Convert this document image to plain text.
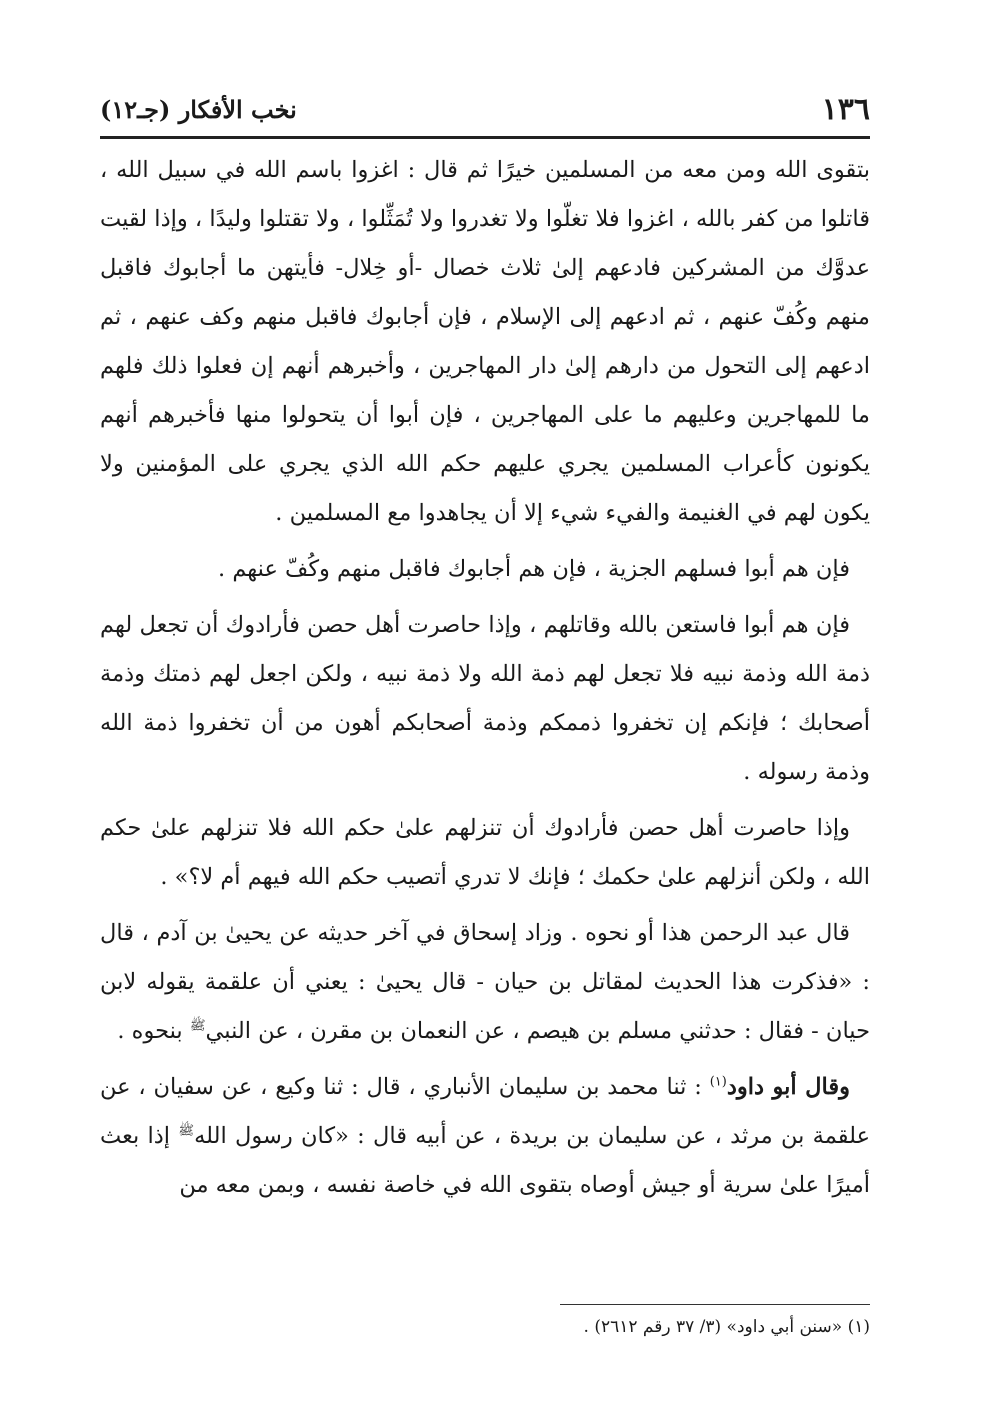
١٣٦
نخب الأفكار (جـ١٢)

بتقوى الله ومن معه من المسلمين خيرًا ثم قال : اغزوا باسم الله في سبيل الله ، قاتلوا من كفر بالله ، اغزوا فلا تغلّوا ولا تغدروا ولا تُمَثِّلوا ، ولا تقتلوا وليدًا ، وإذا لقيت عدوَّك من المشركين فادعهم إلىٰ ثلاث خصال -أو خِلال- فأيتهن ما أجابوك فاقبل منهم وكُفّ عنهم ، ثم ادعهم إلى الإسلام ، فإن أجابوك فاقبل منهم وكف عنهم ، ثم ادعهم إلى التحول من دارهم إلىٰ دار المهاجرين ، وأخبرهم أنهم إن فعلوا ذلك فلهم ما للمهاجرين وعليهم ما على المهاجرين ، فإن أبوا أن يتحولوا منها فأخبرهم أنهم يكونون كأعراب المسلمين يجري عليهم حكم الله الذي يجري على المؤمنين ولا يكون لهم في الغنيمة والفيء شيء إلا أن يجاهدوا مع المسلمين .

فإن هم أبوا فسلهم الجزية ، فإن هم أجابوك فاقبل منهم وكُفّ عنهم .

فإن هم أبوا فاستعن بالله وقاتلهم ، وإذا حاصرت أهل حصن فأرادوك أن تجعل لهم ذمة الله وذمة نبيه فلا تجعل لهم ذمة الله ولا ذمة نبيه ، ولكن اجعل لهم ذمتك وذمة أصحابك ؛ فإنكم إن تخفروا ذممكم وذمة أصحابكم أهون من أن تخفروا ذمة الله وذمة رسوله .

وإذا حاصرت أهل حصن فأرادوك أن تنزلهم علىٰ حكم الله فلا تنزلهم علىٰ حكم الله ، ولكن أنزلهم علىٰ حكمك ؛ فإنك لا تدري أتصيب حكم الله فيهم أم لا؟» .

قال عبد الرحمن هذا أو نحوه . وزاد إسحاق في آخر حديثه عن يحيىٰ بن آدم ، قال : «فذكرت هذا الحديث لمقاتل بن حيان - قال يحيىٰ : يعني أن علقمة يقوله لابن حيان - فقال : حدثني مسلم بن هيصم ، عن النعمان بن مقرن ، عن النبي$^ﷺ$ بنحوه .

وقال أبو داود$^{(١)}$ : ثنا محمد بن سليمان الأنباري ، قال : ثنا وكيع ، عن سفيان ، عن علقمة بن مرثد ، عن سليمان بن بريدة ، عن أبيه قال : «كان رسول الله$^ﷺ$ إذا بعث أميرًا علىٰ سرية أو جيش أوصاه بتقوى الله في خاصة نفسه ، وبمن معه من

(١) «سنن أبي داود» (٣/ ٣٧ رقم ٢٦١٢) .
